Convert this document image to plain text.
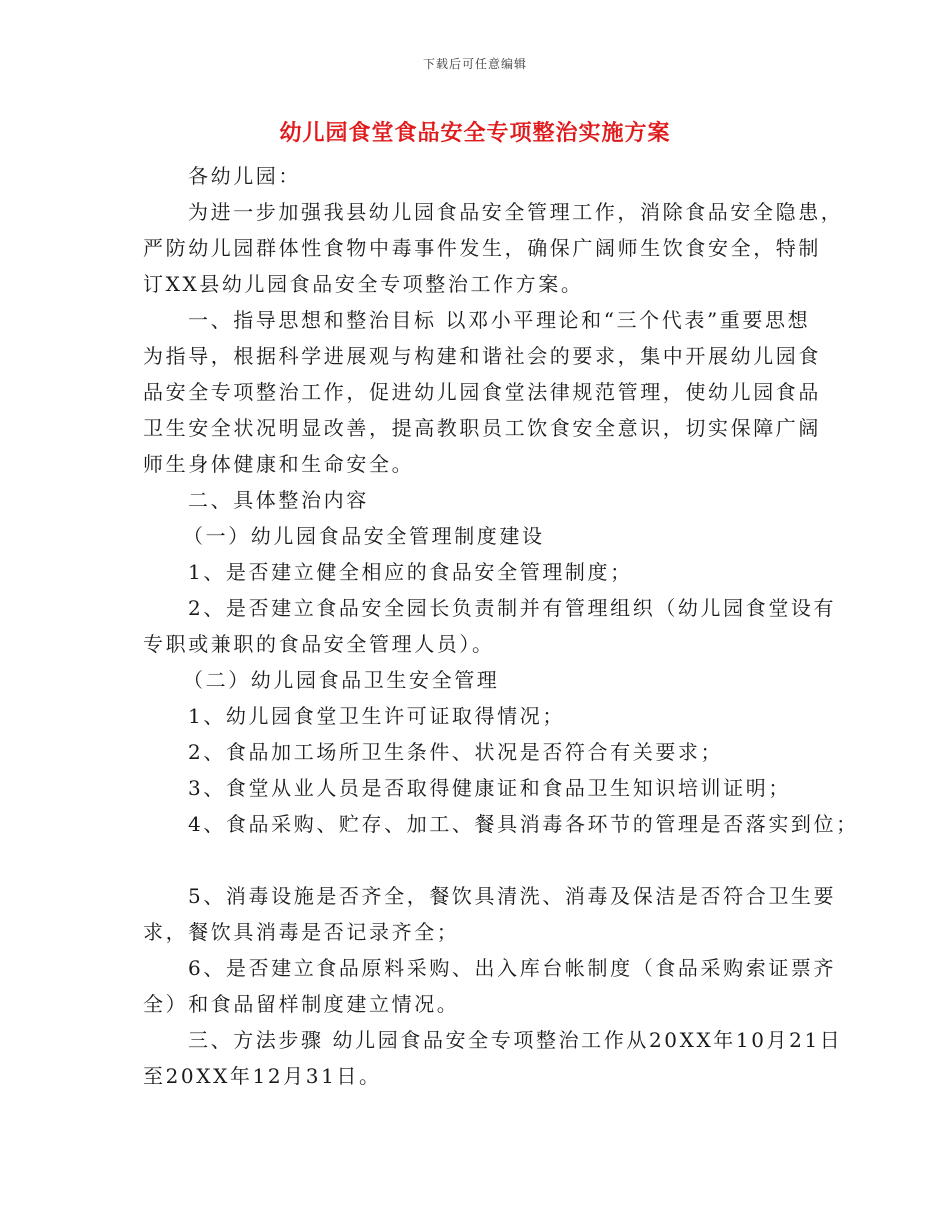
下载后可任意编辑
幼儿园食堂食品安全专项整治实施方案
各幼儿园：
为进一步加强我县幼儿园食品安全管理工作，消除食品安全隐患，
严防幼儿园群体性食物中毒事件发生，确保广阔师生饮食安全，特制
订XX县幼儿园食品安全专项整治工作方案。
一、指导思想和整治目标 以邓小平理论和“三个代表”重要思想
为指导，根据科学进展观与构建和谐社会的要求，集中开展幼儿园食
品安全专项整治工作，促进幼儿园食堂法律规范管理，使幼儿园食品
卫生安全状况明显改善，提高教职员工饮食安全意识，切实保障广阔
师生身体健康和生命安全。
二、具体整治内容
（一）幼儿园食品安全管理制度建设
1、是否建立健全相应的食品安全管理制度；
2、是否建立食品安全园长负责制并有管理组织（幼儿园食堂设有
专职或兼职的食品安全管理人员）。
（二）幼儿园食品卫生安全管理
1、幼儿园食堂卫生许可证取得情况；
2、食品加工场所卫生条件、状况是否符合有关要求；
3、食堂从业人员是否取得健康证和食品卫生知识培训证明；
4、食品采购、贮存、加工、餐具消毒各环节的管理是否落实到位；
5、消毒设施是否齐全，餐饮具清洗、消毒及保洁是否符合卫生要
求，餐饮具消毒是否记录齐全；
6、是否建立食品原料采购、出入库台帐制度（食品采购索证票齐
全）和食品留样制度建立情况。
三、方法步骤 幼儿园食品安全专项整治工作从20XX年10月21日
至20XX年12月31日。
